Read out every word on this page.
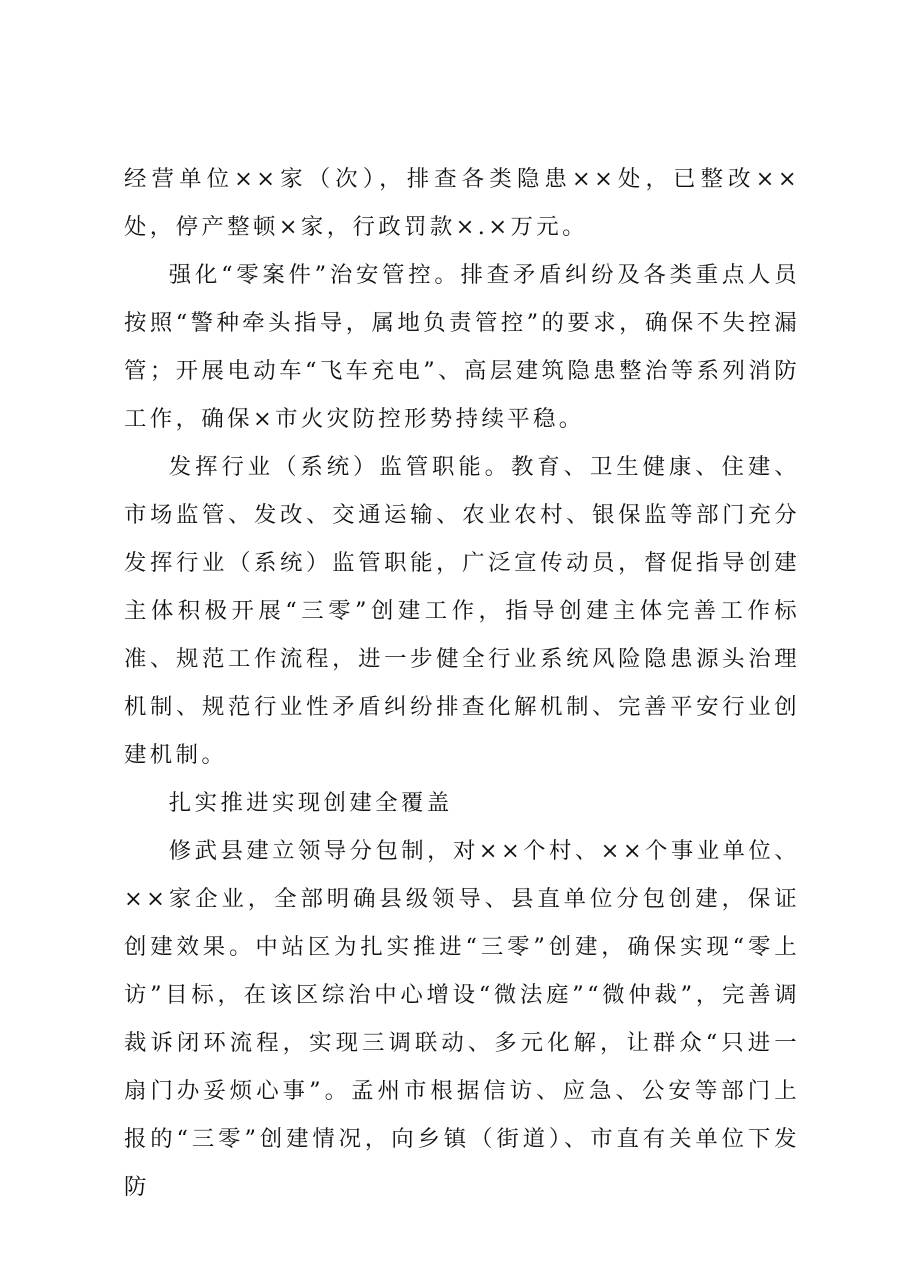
经营单位××家（次），排查各类隐患××处，已整改××处，停产整顿×家，行政罚款×.×万元。

强化“零案件”治安管控。排查矛盾纠纷及各类重点人员按照“警种牵头指导，属地负责管控”的要求，确保不失控漏管；开展电动车“飞车充电”、高层建筑隐患整治等系列消防工作，确保×市火灾防控形势持续平稳。

发挥行业（系统）监管职能。教育、卫生健康、住建、市场监管、发改、交通运输、农业农村、银保监等部门充分发挥行业（系统）监管职能，广泛宣传动员，督促指导创建主体积极开展“三零”创建工作，指导创建主体完善工作标准、规范工作流程，进一步健全行业系统风险隐患源头治理机制、规范行业性矛盾纠纷排查化解机制、完善平安行业创建机制。

扎实推进实现创建全覆盖

修武县建立领导分包制，对××个村、××个事业单位、××家企业，全部明确县级领导、县直单位分包创建，保证创建效果。中站区为扎实推进“三零”创建，确保实现“零上访”目标，在该区综治中心增设“微法庭”“微仲裁”，完善调裁诉闭环流程，实现三调联动、多元化解，让群众“只进一扇门办妥烦心事”。孟州市根据信访、应急、公安等部门上报的“三零”创建情况，向乡镇（街道）、市直有关单位下发防
